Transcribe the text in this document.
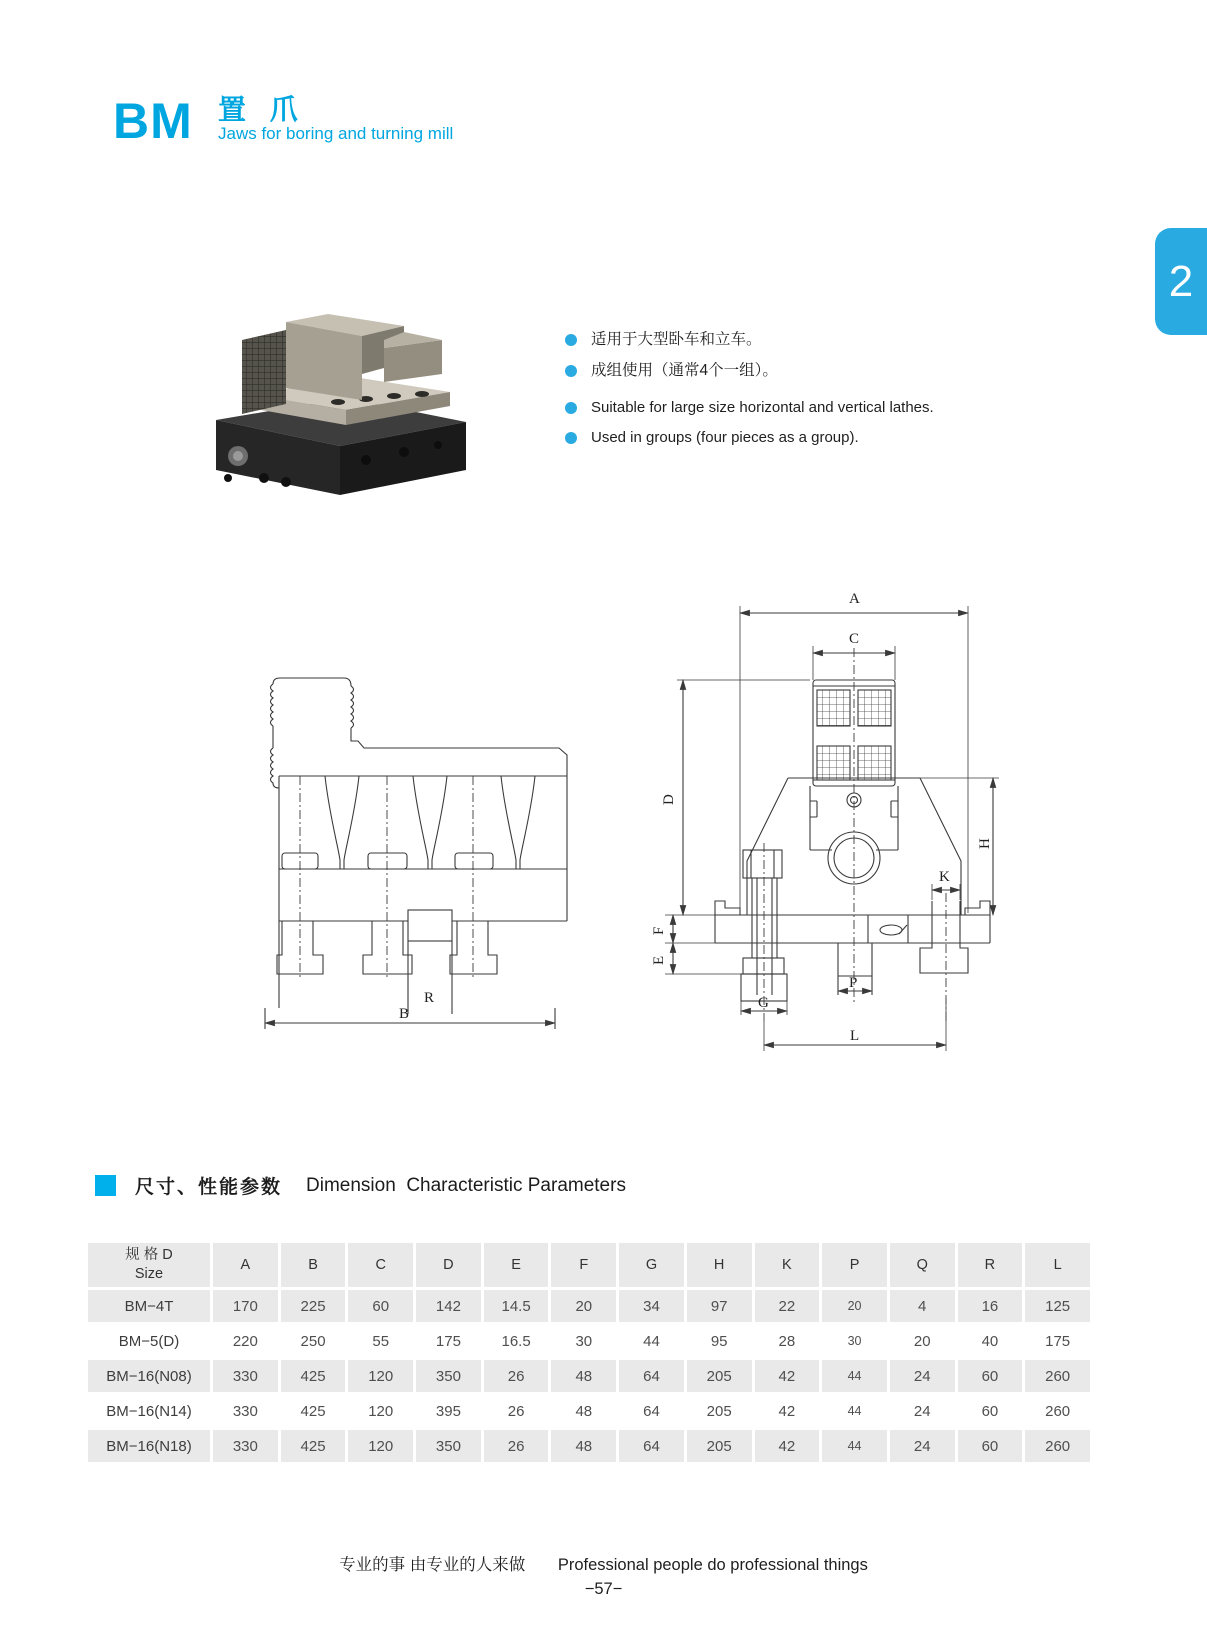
BM 置 爪
Jaws for boring and turning mill
2
适用于大型卧车和立车。
成组使用（通常4个一组）。
Suitable for large size horizontal and vertical lathes.
Used in groups (four pieces as a group).
R
B
A
C
G
K
P
D
F
E
H
L
尺寸、性能参数 Dimension  Characteristic Parameters
规 格 D
Size	A	B	C	D	E	F	G	H	K	P	Q	R	L
BM−4T	170	225	60	142	14.5	20	34	97	22	20	4	16	125
BM−5(D)	220	250	55	175	16.5	30	44	95	28	30	20	40	175
BM−16(N08)	330	425	120	350	26	48	64	205	42	44	24	60	260
BM−16(N14)	330	425	120	395	26	48	64	205	42	44	24	60	260
BM−16(N18)	330	425	120	350	26	48	64	205	42	44	24	60	260
专业的事 由专业的人来做 Professional people do professional things
−57−
